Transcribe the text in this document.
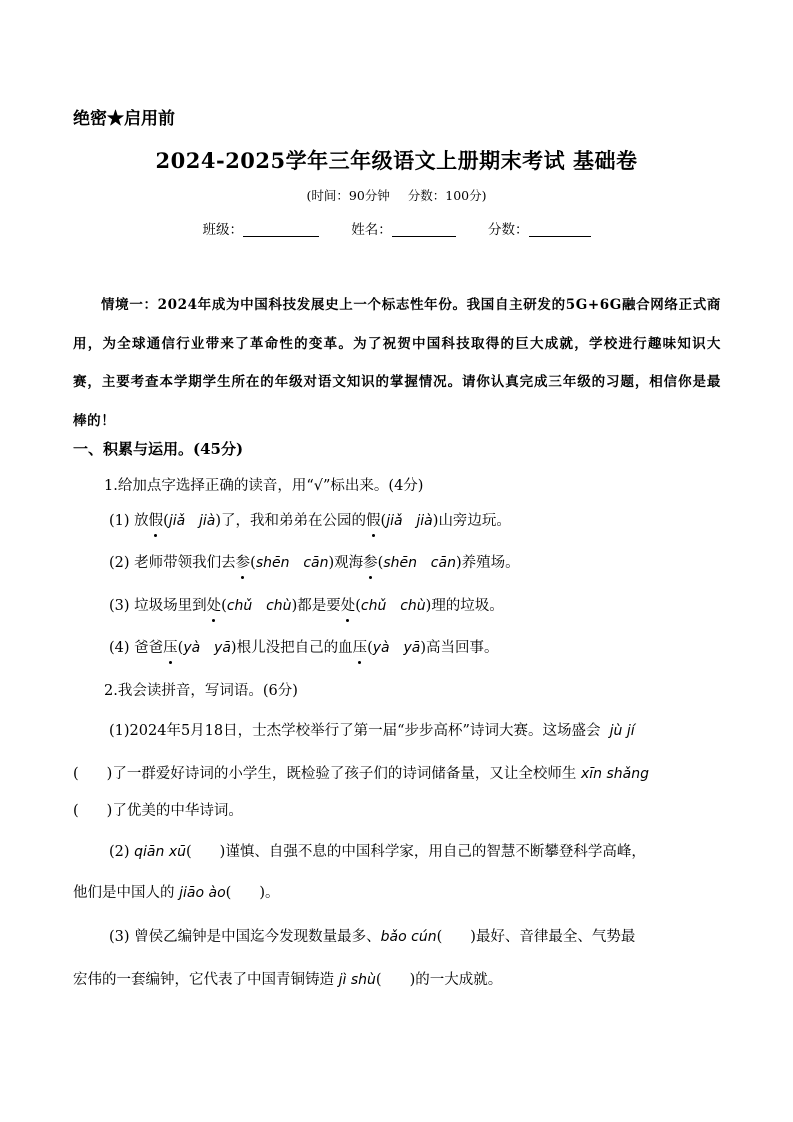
绝密★启用前
2024-2025学年三年级语文上册期末考试 基础卷
(时间：90分钟 分数：100分)
班级：	姓名：	分数：
情境一：2024年成为中国科技发展史上一个标志性年份。我国自主研发的5G+6G融合网络正式商用，为全球通信行业带来了革命性的变革。为了祝贺中国科技取得的巨大成就，学校进行趣味知识大赛，主要考查本学期学生所在的年级对语文知识的掌握情况。请你认真完成三年级的习题，相信你是最棒的！
一、积累与运用。(45分)
1.给加点字选择正确的读音，用“√”标出来。(4分)
(1) 放假(jiǎ jià)了，我和弟弟在公园的假(jiǎ jià)山旁边玩。
(2) 老师带领我们去参(shēn cān)观海参(shēn cān)养殖场。
(3) 垃圾场里到处(chǔ chù)都是要处(chǔ chù)理的垃圾。
(4) 爸爸压(yà yā)根儿没把自己的血压(yà yā)高当回事。
2.我会读拼音，写词语。(6分)
(1)2024年5月18日，士杰学校举行了第一届“步步高杯”诗词大赛。这场盛会 jù jí
( )了一群爱好诗词的小学生，既检验了孩子们的诗词储备量，又让全校师生 xīn shǎng
( )了优美的中华诗词。
(2) qiān xū( )谨慎、自强不息的中国科学家，用自己的智慧不断攀登科学高峰，
他们是中国人的 jiāo ào( )。
(3) 曾侯乙编钟是中国迄今发现数量最多、bǎo cún( )最好、音律最全、气势最
宏伟的一套编钟，它代表了中国青铜铸造 jì shù( )的一大成就。
